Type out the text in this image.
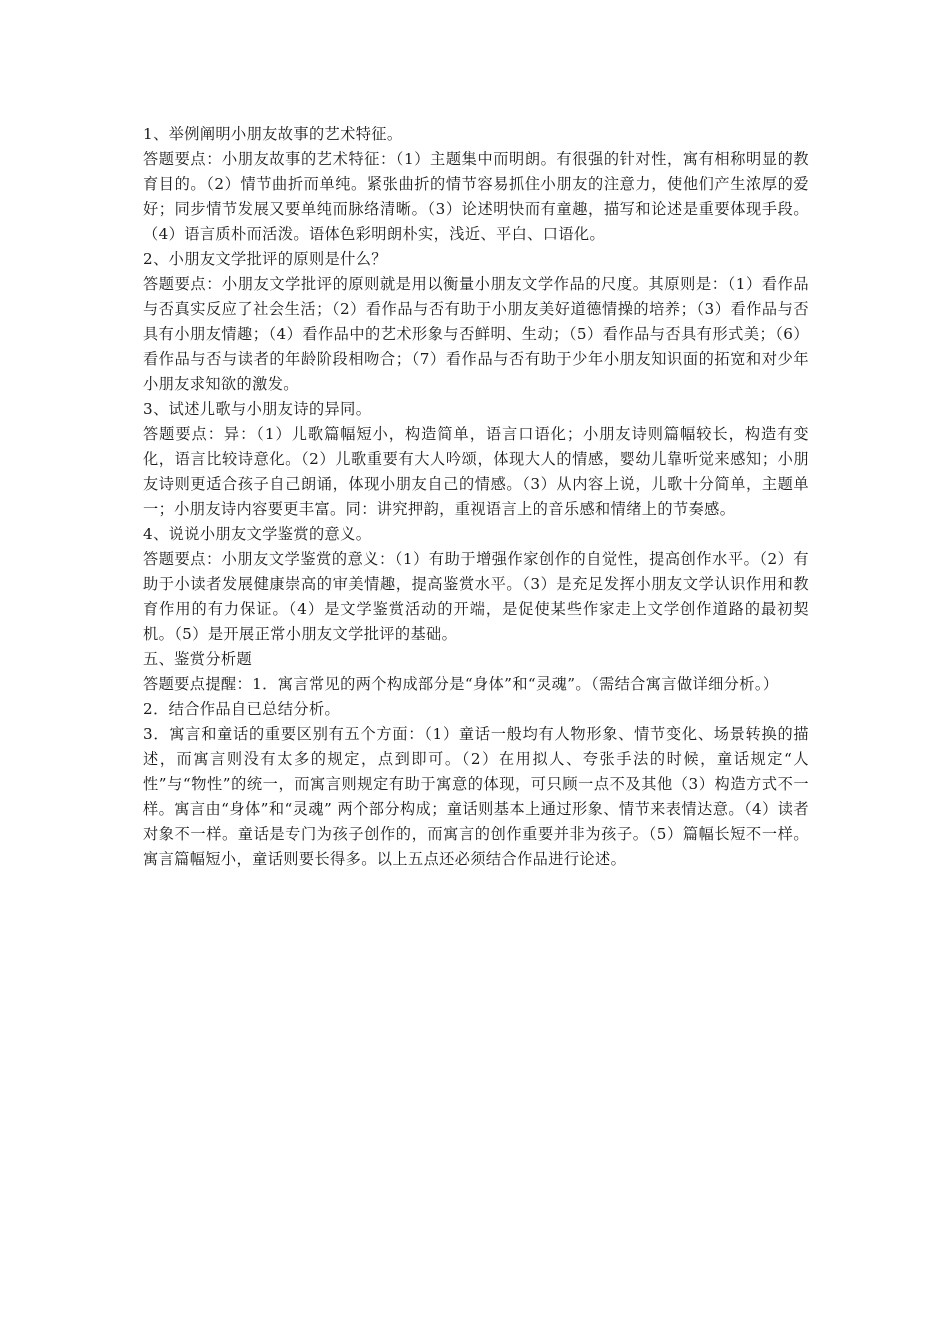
1、举例阐明小朋友故事的艺术特征。

答题要点：小朋友故事的艺术特征：（1）主题集中而明朗。有很强的针对性，寓有相称明显的教育目的。（2）情节曲折而单纯。紧张曲折的情节容易抓住小朋友的注意力，使他们产生浓厚的爱好；同步情节发展又要单纯而脉络清晰。（3）论述明快而有童趣，描写和论述是重要体现手段。（4）语言质朴而活泼。语体色彩明朗朴实，浅近、平白、口语化。

2、小朋友文学批评的原则是什么？

答题要点：小朋友文学批评的原则就是用以衡量小朋友文学作品的尺度。其原则是：（1）看作品与否真实反应了社会生活；（2）看作品与否有助于小朋友美好道德情操的培养；（3）看作品与否具有小朋友情趣；（4）看作品中的艺术形象与否鲜明、生动；（5）看作品与否具有形式美；（6）看作品与否与读者的年龄阶段相吻合；（7）看作品与否有助于少年小朋友知识面的拓宽和对少年小朋友求知欲的激发。

3、试述儿歌与小朋友诗的异同。

答题要点：异：（1）儿歌篇幅短小，构造简单，语言口语化；小朋友诗则篇幅较长，构造有变化，语言比较诗意化。（2）儿歌重要有大人吟颂，体现大人的情感，婴幼儿靠听觉来感知；小朋友诗则更适合孩子自己朗诵，体现小朋友自己的情感。（3）从内容上说，儿歌十分简单，主题单一；小朋友诗内容要更丰富。同：讲究押韵，重视语言上的音乐感和情绪上的节奏感。

4、说说小朋友文学鉴赏的意义。

答题要点：小朋友文学鉴赏的意义：（1）有助于增强作家创作的自觉性，提高创作水平。（2）有助于小读者发展健康崇高的审美情趣，提高鉴赏水平。（3）是充足发挥小朋友文学认识作用和教育作用的有力保证。（4）是文学鉴赏活动的开端，是促使某些作家走上文学创作道路的最初契机。（5）是开展正常小朋友文学批评的基础。

五、鉴赏分析题

答题要点提醒：1．寓言常见的两个构成部分是“身体”和“灵魂”。（需结合寓言做详细分析。）

2．结合作品自已总结分析。

3．寓言和童话的重要区别有五个方面：（1）童话一般均有人物形象、情节变化、场景转换的描述，而寓言则没有太多的规定，点到即可。（2）在用拟人、夸张手法的时候，童话规定“人性”与“物性”的统一，而寓言则规定有助于寓意的体现，可只顾一点不及其他（3）构造方式不一样。寓言由“身体”和“灵魂” 两个部分构成；童话则基本上通过形象、情节来表情达意。（4）读者对象不一样。童话是专门为孩子创作的，而寓言的创作重要并非为孩子。（5）篇幅长短不一样。寓言篇幅短小，童话则要长得多。以上五点还必须结合作品进行论述。
